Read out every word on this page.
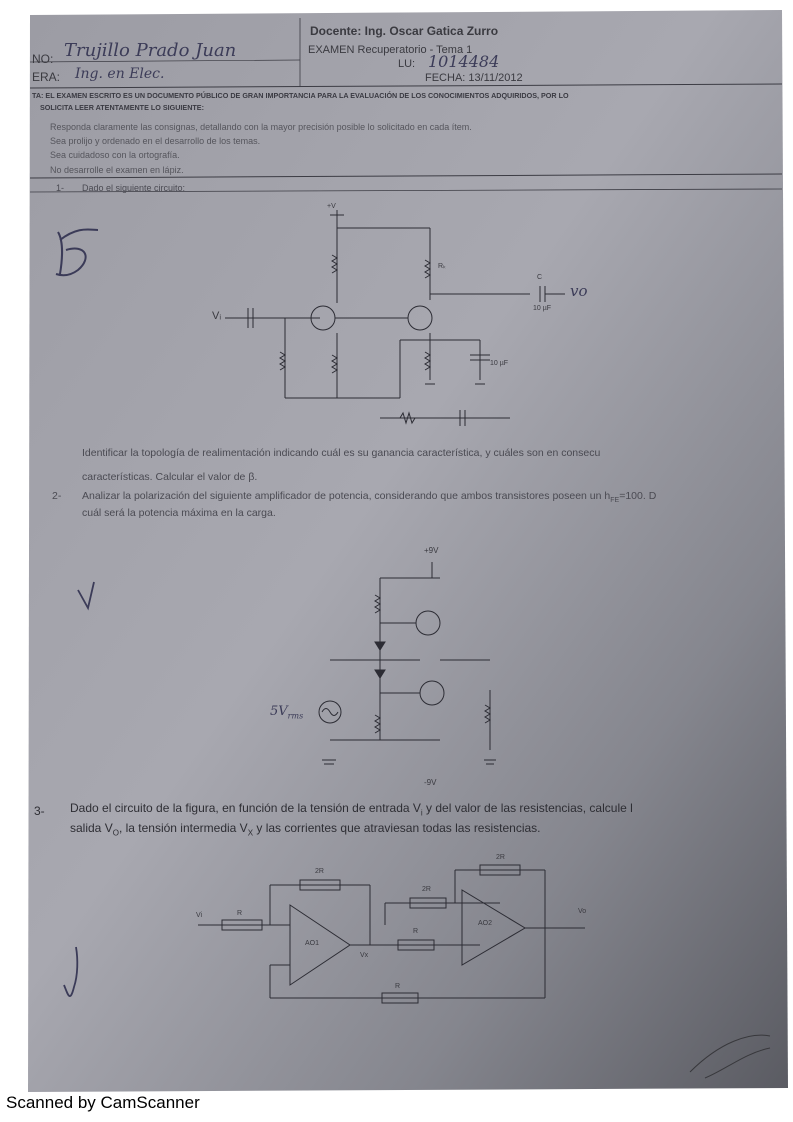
Docente: Ing. Oscar Gatica Zurro
EXAMEN Recuperatorio - Tema 1
LU: 1014484
FECHA: 13/11/2012
NO: Trujillo Prado Juan
ERA: Ing. en Elec.
TA: EL EXAMEN ESCRITO ES UN DOCUMENTO PÚBLICO DE GRAN IMPORTANCIA PARA LA EVALUACIÓN DE LOS CONOCIMIENTOS ADQUIRIDOS, POR LO
SOLICITA LEER ATENTAMENTE LO SIGUIENTE:
Responda claramente las consignas, detallando con la mayor precisión posible lo solicitado en cada ítem.
Sea prolijo y ordenado en el desarrollo de los temas.
Sea cuidadoso con la ortografía.
No desarrolle el examen en lápiz.
1- Dado el siguiente circuito:
Vᵢ
vo
C
10 µF
10 µF
Rₖ
+V
Identificar la topología de realimentación indicando cuál es su ganancia característica, y cuáles son en consecu
características. Calcular el valor de β.
2- Analizar la polarización del siguiente amplificador de potencia, considerando que ambos transistores poseen un $h_{FE}=100$. D
cuál será la potencia máxima en la carga.
+9V
-9V
$5V_{rms}$
3- Dado el circuito de la figura, en función de la tensión de entrada $V_i$ y del valor de las resistencias, calcule l
salida $V_O$, la tensión intermedia $V_X$ y las corrientes que atraviesan todas las resistencias.
Vi	R
2R
2R
R
2R
R
AO1
AO2
Vx
Vo
Scanned by CamScanner
